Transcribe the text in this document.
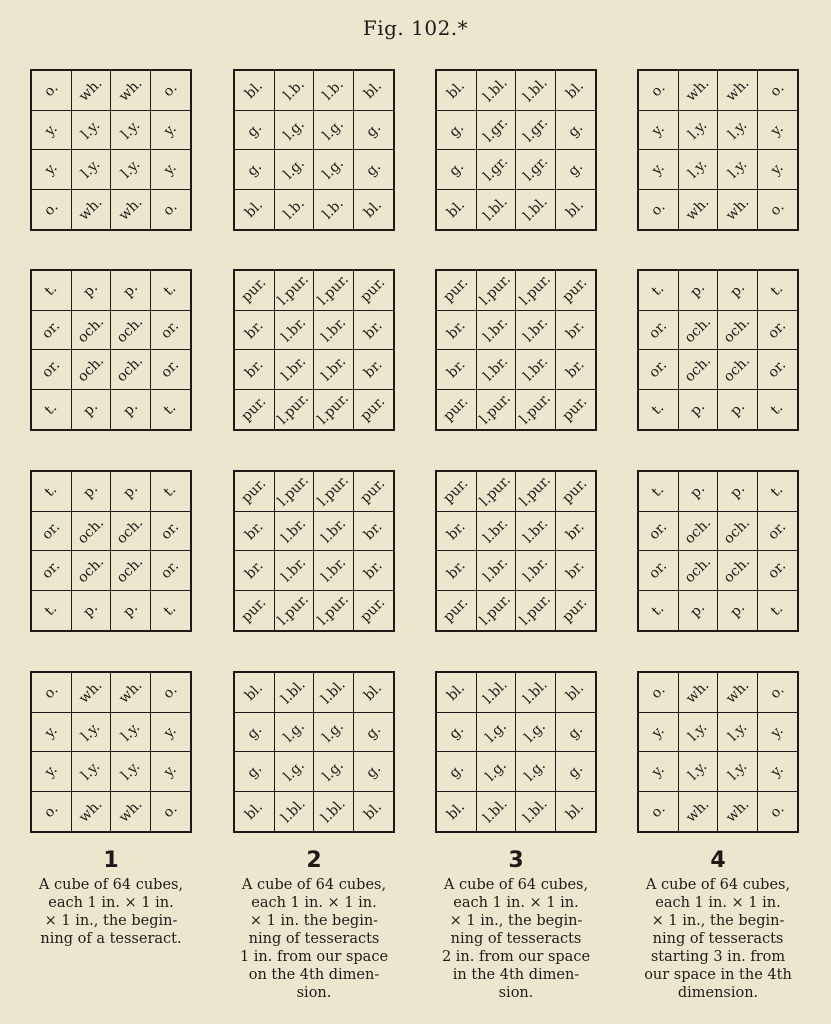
Fig. 102.*
o. wh. wh. o.
y. l.y. l.y. y.
y. l.y. l.y. y.
o. wh. wh. o.
bl. l.b. l.b. bl.
g. l.g. l.g. g.
g. l.g. l.g. g.
bl. l.b. l.b. bl.
bl. l.bl. l.bl. bl.
g. l.gr. l.gr. g.
g. l.gr. l.gr. g.
bl. l.bl. l.bl. bl.
o. wh. wh. o.
y. l.y. l.y. y.
y. l.y. l.y. y.
o. wh. wh. o.
t. p. p. t.
or. och. och. or.
or. och. och. or.
t. p. p. t.
pur. l.pur. l.pur. pur.
br. l.br. l.br. br.
br. l.br. l.br. br.
pur. l.pur. l.pur. pur.
pur. l.pur. l.pur. pur.
br. l.br. l.br. br.
br. l.br. l.br. br.
pur. l.pur. l.pur. pur.
t. p. p. t.
or. och. och. or.
or. och. och. or.
t. p. p. t.
t. p. p. t.
or. och. och. or.
or. och. och. or.
t. p. p. t.
pur. l.pur. l.pur. pur.
br. l.br. l.br. br.
br. l.br. l.br. br.
pur. l.pur. l.pur. pur.
pur. l.pur. l.pur. pur.
br. l.br. l.br. br.
br. l.br. l.br. br.
pur. l.pur. l.pur. pur.
t. p. p. t.
or. och. och. or.
or. och. och. or.
t. p. p. t.
o. wh. wh. o.
y. l.y. l.y. y.
y. l.y. l.y. y.
o. wh. wh. o.
bl. l.bl. l.bl. bl.
g. l.g. l.g. g.
g. l.g. l.g. g.
bl. l.bl. l.bl. bl.
bl. l.bl. l.bl. bl.
g. l.g. l.g. g.
g. l.g. l.g. g.
bl. l.bl. l.bl. bl.
o. wh. wh. o.
y. l.y. l.y. y.
y. l.y. l.y. y.
o. wh. wh. o.
1	2	3	4
A cube of 64 cubes,
each 1 in. × 1 in.
× 1 in., the begin-
ning of a tesseract.
A cube of 64 cubes,
each 1 in. × 1 in.
× 1 in. the begin-
ning of tesseracts
1 in. from our space
on the 4th dimen-
sion.
A cube of 64 cubes,
each 1 in. × 1 in.
× 1 in., the begin-
ning of tesseracts
2 in. from our space
in the 4th dimen-
sion.
A cube of 64 cubes,
each 1 in. × 1 in.
× 1 in., the begin-
ning of tesseracts
starting 3 in. from
our space in the 4th
dimension.
